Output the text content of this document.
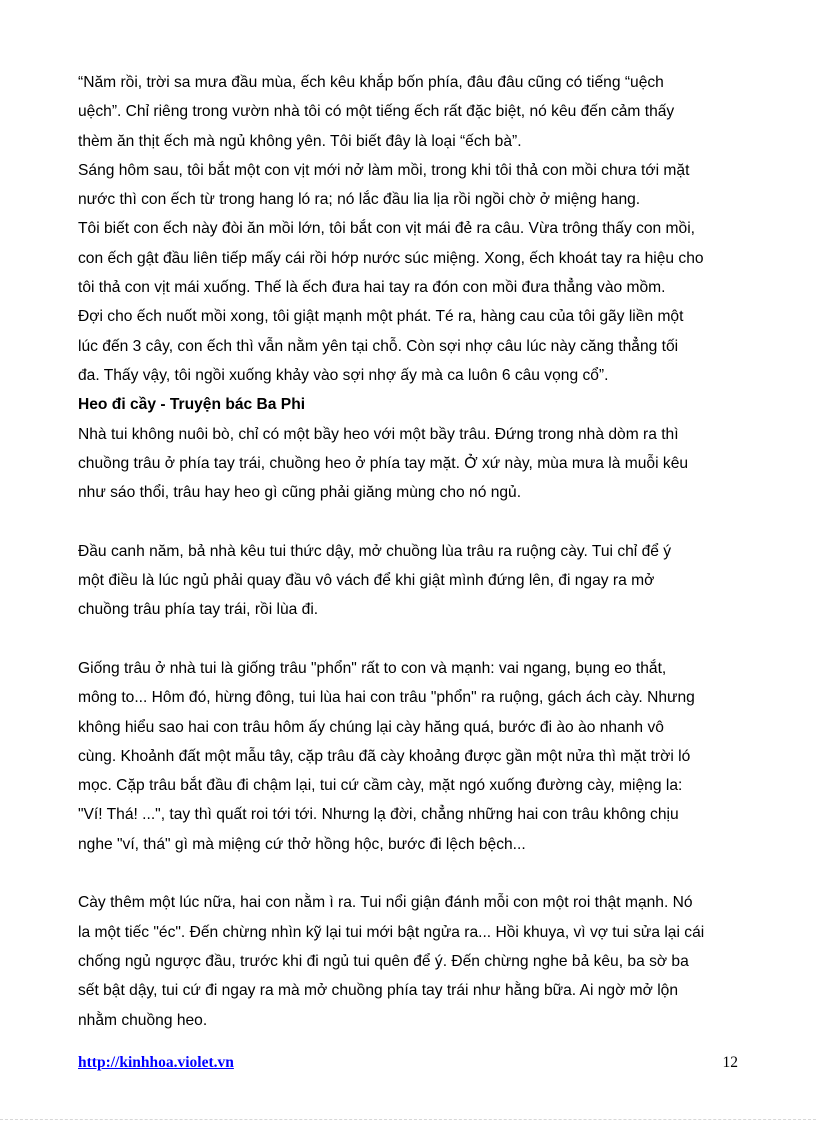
“Năm rồi, trời sa mưa đầu mùa, ếch kêu khắp bốn phía, đâu đâu cũng có tiếng “uệch
uệch”. Chỉ riêng trong vườn nhà tôi có một tiếng ếch rất đặc biệt, nó kêu đến cảm thấy
thèm ăn thịt ếch mà ngủ không yên. Tôi biết đây là loại “ếch bà”.
Sáng hôm sau, tôi bắt một con vịt mới nở làm mồi, trong khi tôi thả con mồi chưa tới mặt
nước thì con ếch từ trong hang ló ra; nó lắc đầu lia lịa rồi ngồi chờ ở miệng hang.
Tôi biết con ếch này đòi ăn mồi lớn, tôi bắt con vịt mái đẻ ra câu. Vừa trông thấy con mồi,
con ếch gật đầu liên tiếp mấy cái rồi hớp nước súc miệng. Xong, ếch khoát tay ra hiệu cho
tôi thả con vịt mái xuống. Thế là ếch đưa hai tay ra đón con mồi đưa thẳng vào mồm.
Đợi cho ếch nuốt mồi xong, tôi giật mạnh một phát. Té ra, hàng cau của tôi gãy liền một
lúc đến 3 cây, con ếch thì vẫn nằm yên tại chỗ. Còn sợi nhợ câu lúc này căng thẳng tối
đa. Thấy vậy, tôi ngồi xuống khảy vào sợi nhợ ấy mà ca luôn 6 câu vọng cổ”.

Heo đi cầy - Truyện bác Ba Phi

Nhà tui không nuôi bò, chỉ có một bầy heo với một bầy trâu. Đứng trong nhà dòm ra thì
chuồng trâu ở phía tay trái, chuồng heo ở phía tay mặt. Ở xứ này, mùa mưa là muỗi kêu
như sáo thổi, trâu hay heo gì cũng phải giăng mùng cho nó ngủ.

Đầu canh năm, bả nhà kêu tui thức dậy, mở chuồng lùa trâu ra ruộng cày. Tui chỉ để ý
một điều là lúc ngủ phải quay đầu vô vách để khi giật mình đứng lên, đi ngay ra mở
chuồng trâu phía tay trái, rồi lùa đi.

Giống trâu ở nhà tui là giống trâu "phổn" rất to con và mạnh: vai ngang, bụng eo thắt,
mông to... Hôm đó, hừng đông, tui lùa hai con trâu "phổn" ra ruộng, gách ách cày. Nhưng
không hiểu sao hai con trâu hôm ấy chúng lại cày hăng quá, bước đi ào ào nhanh vô
cùng. Khoảnh đất một mẫu tây, cặp trâu đã cày khoảng được gần một nửa thì mặt trời ló
mọc. Cặp trâu bắt đầu đi chậm lại, tui cứ cầm cày, mặt ngó xuống đường cày, miệng la:
"Ví! Thá! ...", tay thì quất roi tới tới. Nhưng lạ đời, chẳng những hai con trâu không chịu
nghe "ví, thá" gì mà miệng cứ thở hồng hộc, bước đi lệch bệch...

Cày thêm một lúc nữa, hai con nằm ì ra. Tui nổi giận đánh mỗi con một roi thật mạnh. Nó
la một tiếc "éc". Đến chừng nhìn kỹ lại tui mới bật ngửa ra... Hồi khuya, vì vợ tui sửa lại cái
chống ngủ ngược đầu, trước khi đi ngủ tui quên để ý. Đến chừng nghe bả kêu, ba sờ ba
sết bật dậy, tui cứ đi ngay ra mà mở chuồng phía tay trái như hằng bữa. Ai ngờ mở lộn
nhằm chuồng heo.

http://kinhhoa.violet.vn	12
